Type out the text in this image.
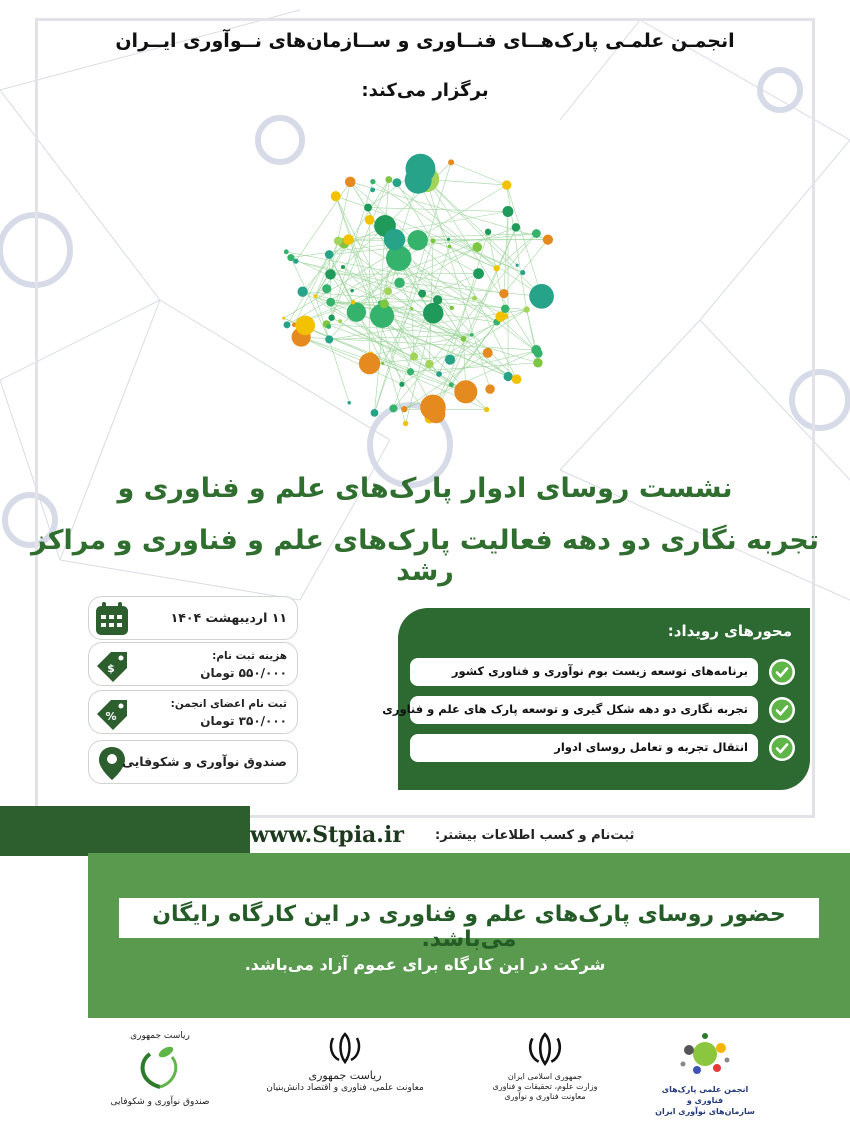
انجمـن علمـی پارک‌هــای فنــاوری و ســازمان‌های نــوآوری ایــران
برگزار می‌کند:
نشست روسای ادوار پارک‌های علم و فناوری و
تجربه نگاری دو دهه فعالیت پارک‌های علم و فناوری و مراکز رشد
۱۱ اردیبهشت ۱۴۰۴
$
هزینه ثبت نام:
۵۵۰/۰۰۰ تومان
%
ثبت نام اعضای انجمن:
۳۵۰/۰۰۰ تومان
صندوق نوآوری و شکوفایی
محورهای رویداد:
برنامه‌های توسعه زیست بوم نوآوری و فناوری کشور
تجربه نگاری دو دهه شکل گیری و توسعه پارک های علم و فناوری
انتقال تجربه و تعامل روسای ادوار
www.Stpia.ir ثبت‌نام و کسب اطلاعات بیشتر:
حضور روسای پارک‌های علم و فناوری در این کارگاه رایگان می‌باشد.
شرکت در این کارگاه برای عموم آزاد می‌باشد.
ریاست جمهوری
صندوق نوآوری و شکوفایی
ریاست جمهوری
معاونت علمی، فناوری و اقتصاد دانش‌بنیان
جمهوری اسلامی ایران
وزارت علوم، تحقیقات و فناوری
معاونت فناوری و نوآوری
انجمن علمی پارک‌های فناوری و
سازمان‌های نوآوری ایران
